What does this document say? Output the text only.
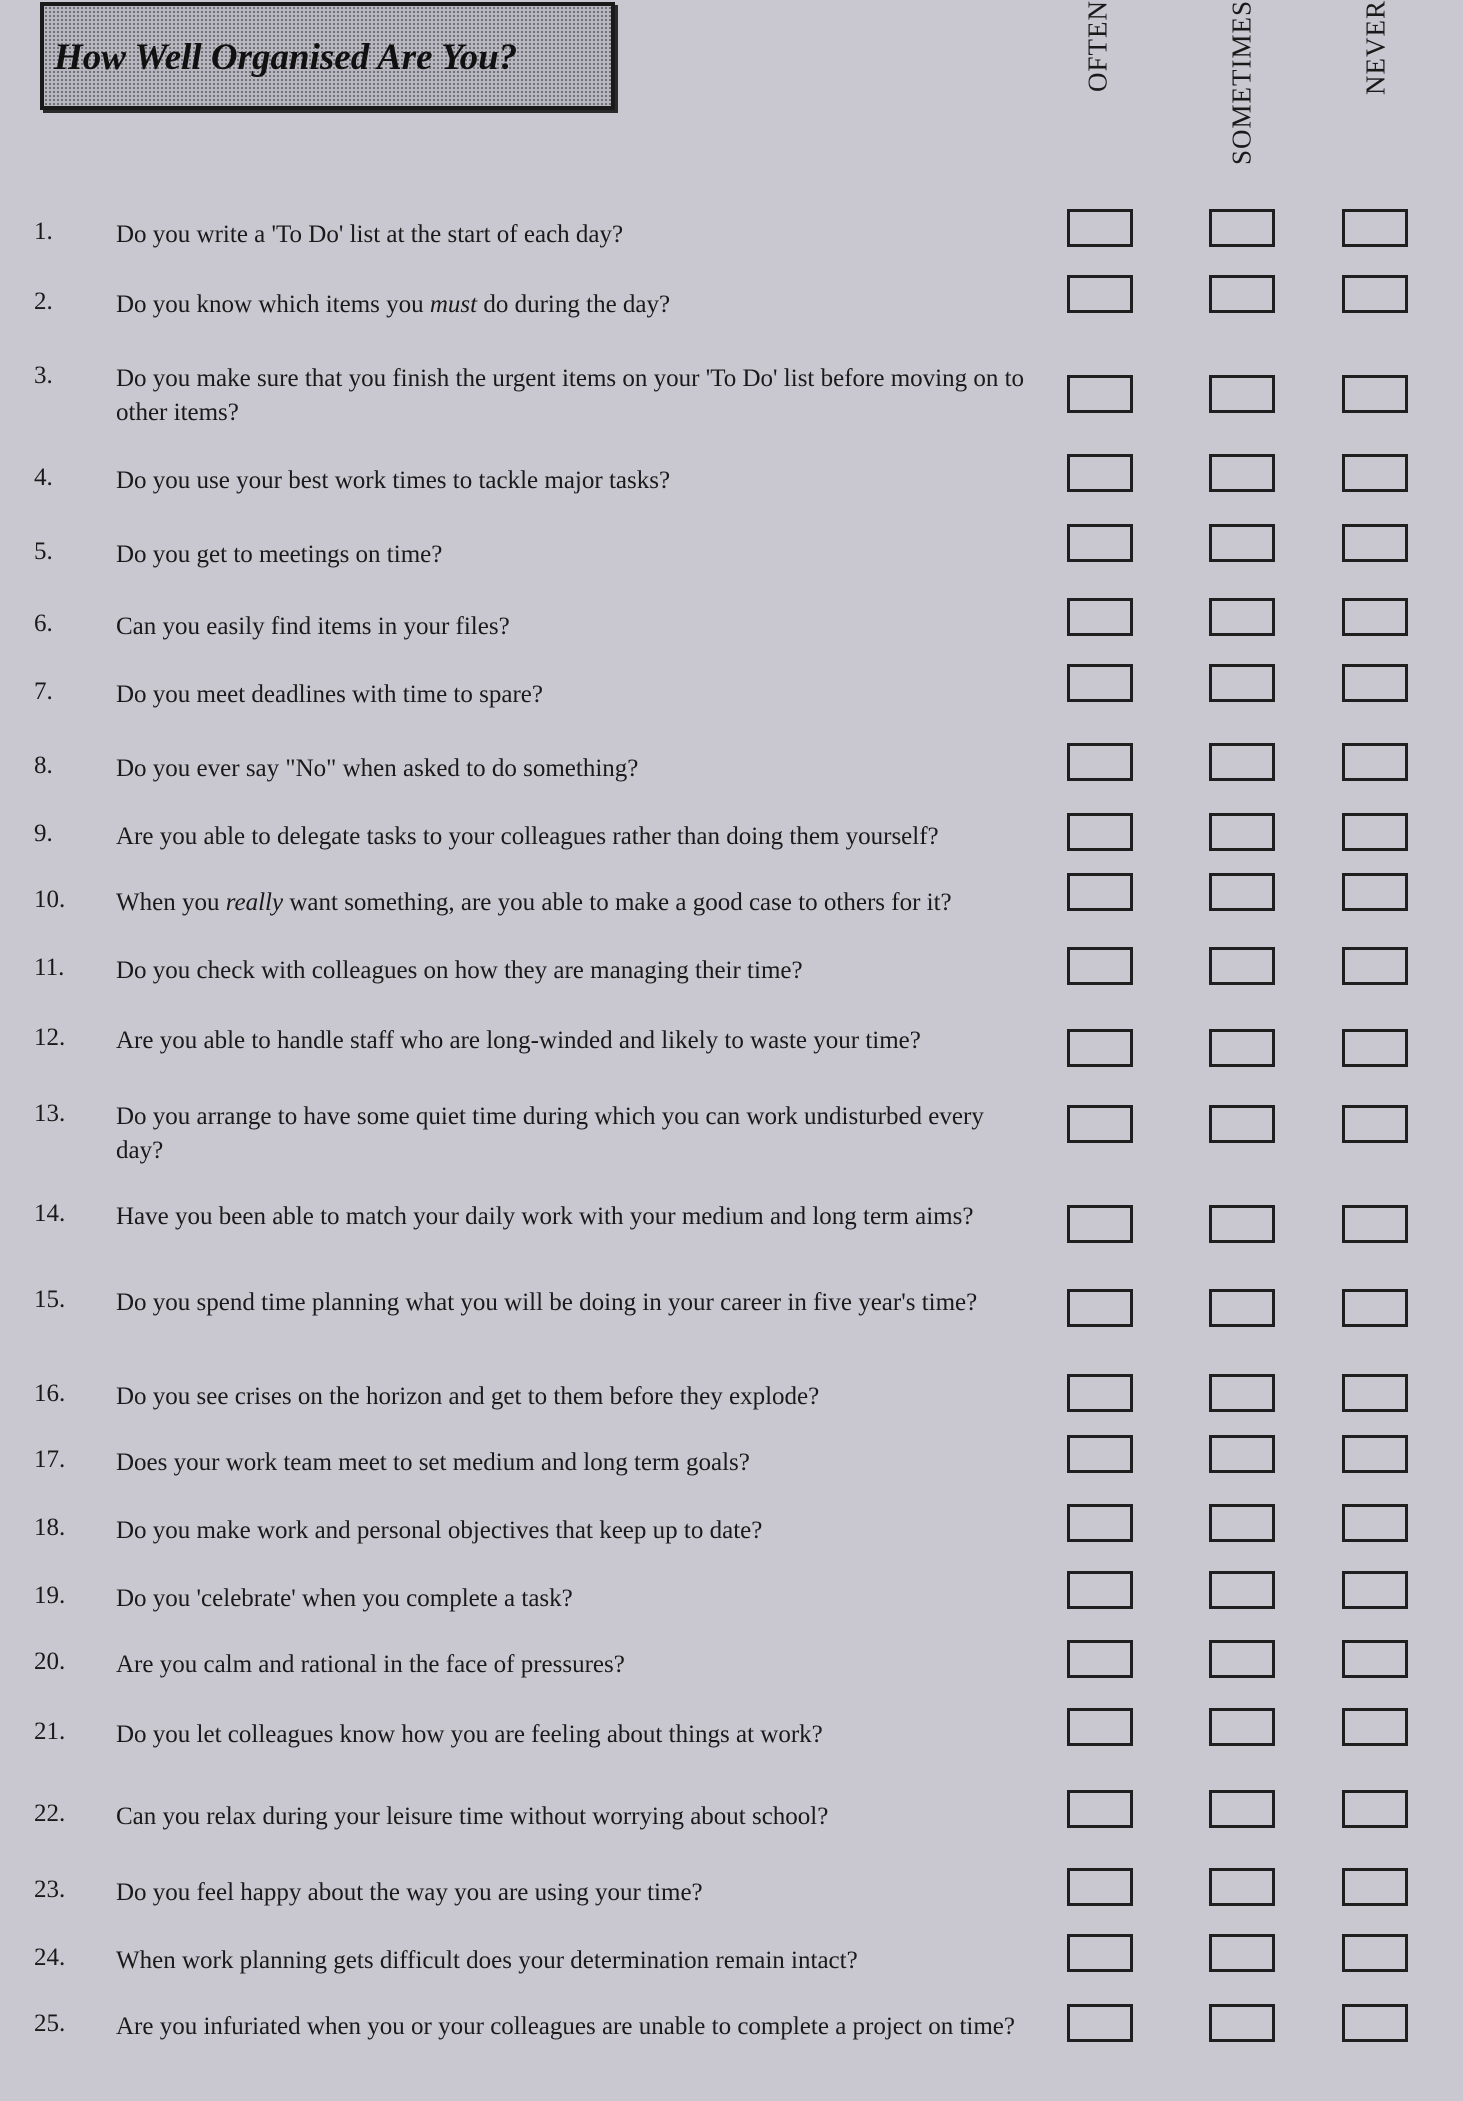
How Well Organised Are You?	OFTEN	SOMETIMES	NEVER
1.	Do you write a 'To Do' list at the start of each day?
2.	Do you know which items you must do during the day?
3.	Do you make sure that you finish the urgent items on your 'To Do' list before moving on to other items?
4.	Do you use your best work times to tackle major tasks?
5.	Do you get to meetings on time?
6.	Can you easily find items in your files?
7.	Do you meet deadlines with time to spare?
8.	Do you ever say "No" when asked to do something?
9.	Are you able to delegate tasks to your colleagues rather than doing them yourself?
10. When you really want something, are you able to make a good case to others for it?
11. Do you check with colleagues on how they are managing their time?
12. Are you able to handle staff who are long-winded and likely to waste your time?
13. Do you arrange to have some quiet time during which you can work undisturbed every day?
14. Have you been able to match your daily work with your medium and long term aims?
15. Do you spend time planning what you will be doing in your career in five year's time?
16. Do you see crises on the horizon and get to them before they explode?
17. Does your work team meet to set medium and long term goals?
18. Do you make work and personal objectives that keep up to date?
19. Do you 'celebrate' when you complete a task?
20. Are you calm and rational in the face of pressures?
21. Do you let colleagues know how you are feeling about things at work?
22. Can you relax during your leisure time without worrying about school?
23. Do you feel happy about the way you are using your time?
24. When work planning gets difficult does your determination remain intact?
25. Are you infuriated when you or your colleagues are unable to complete a project on time?
